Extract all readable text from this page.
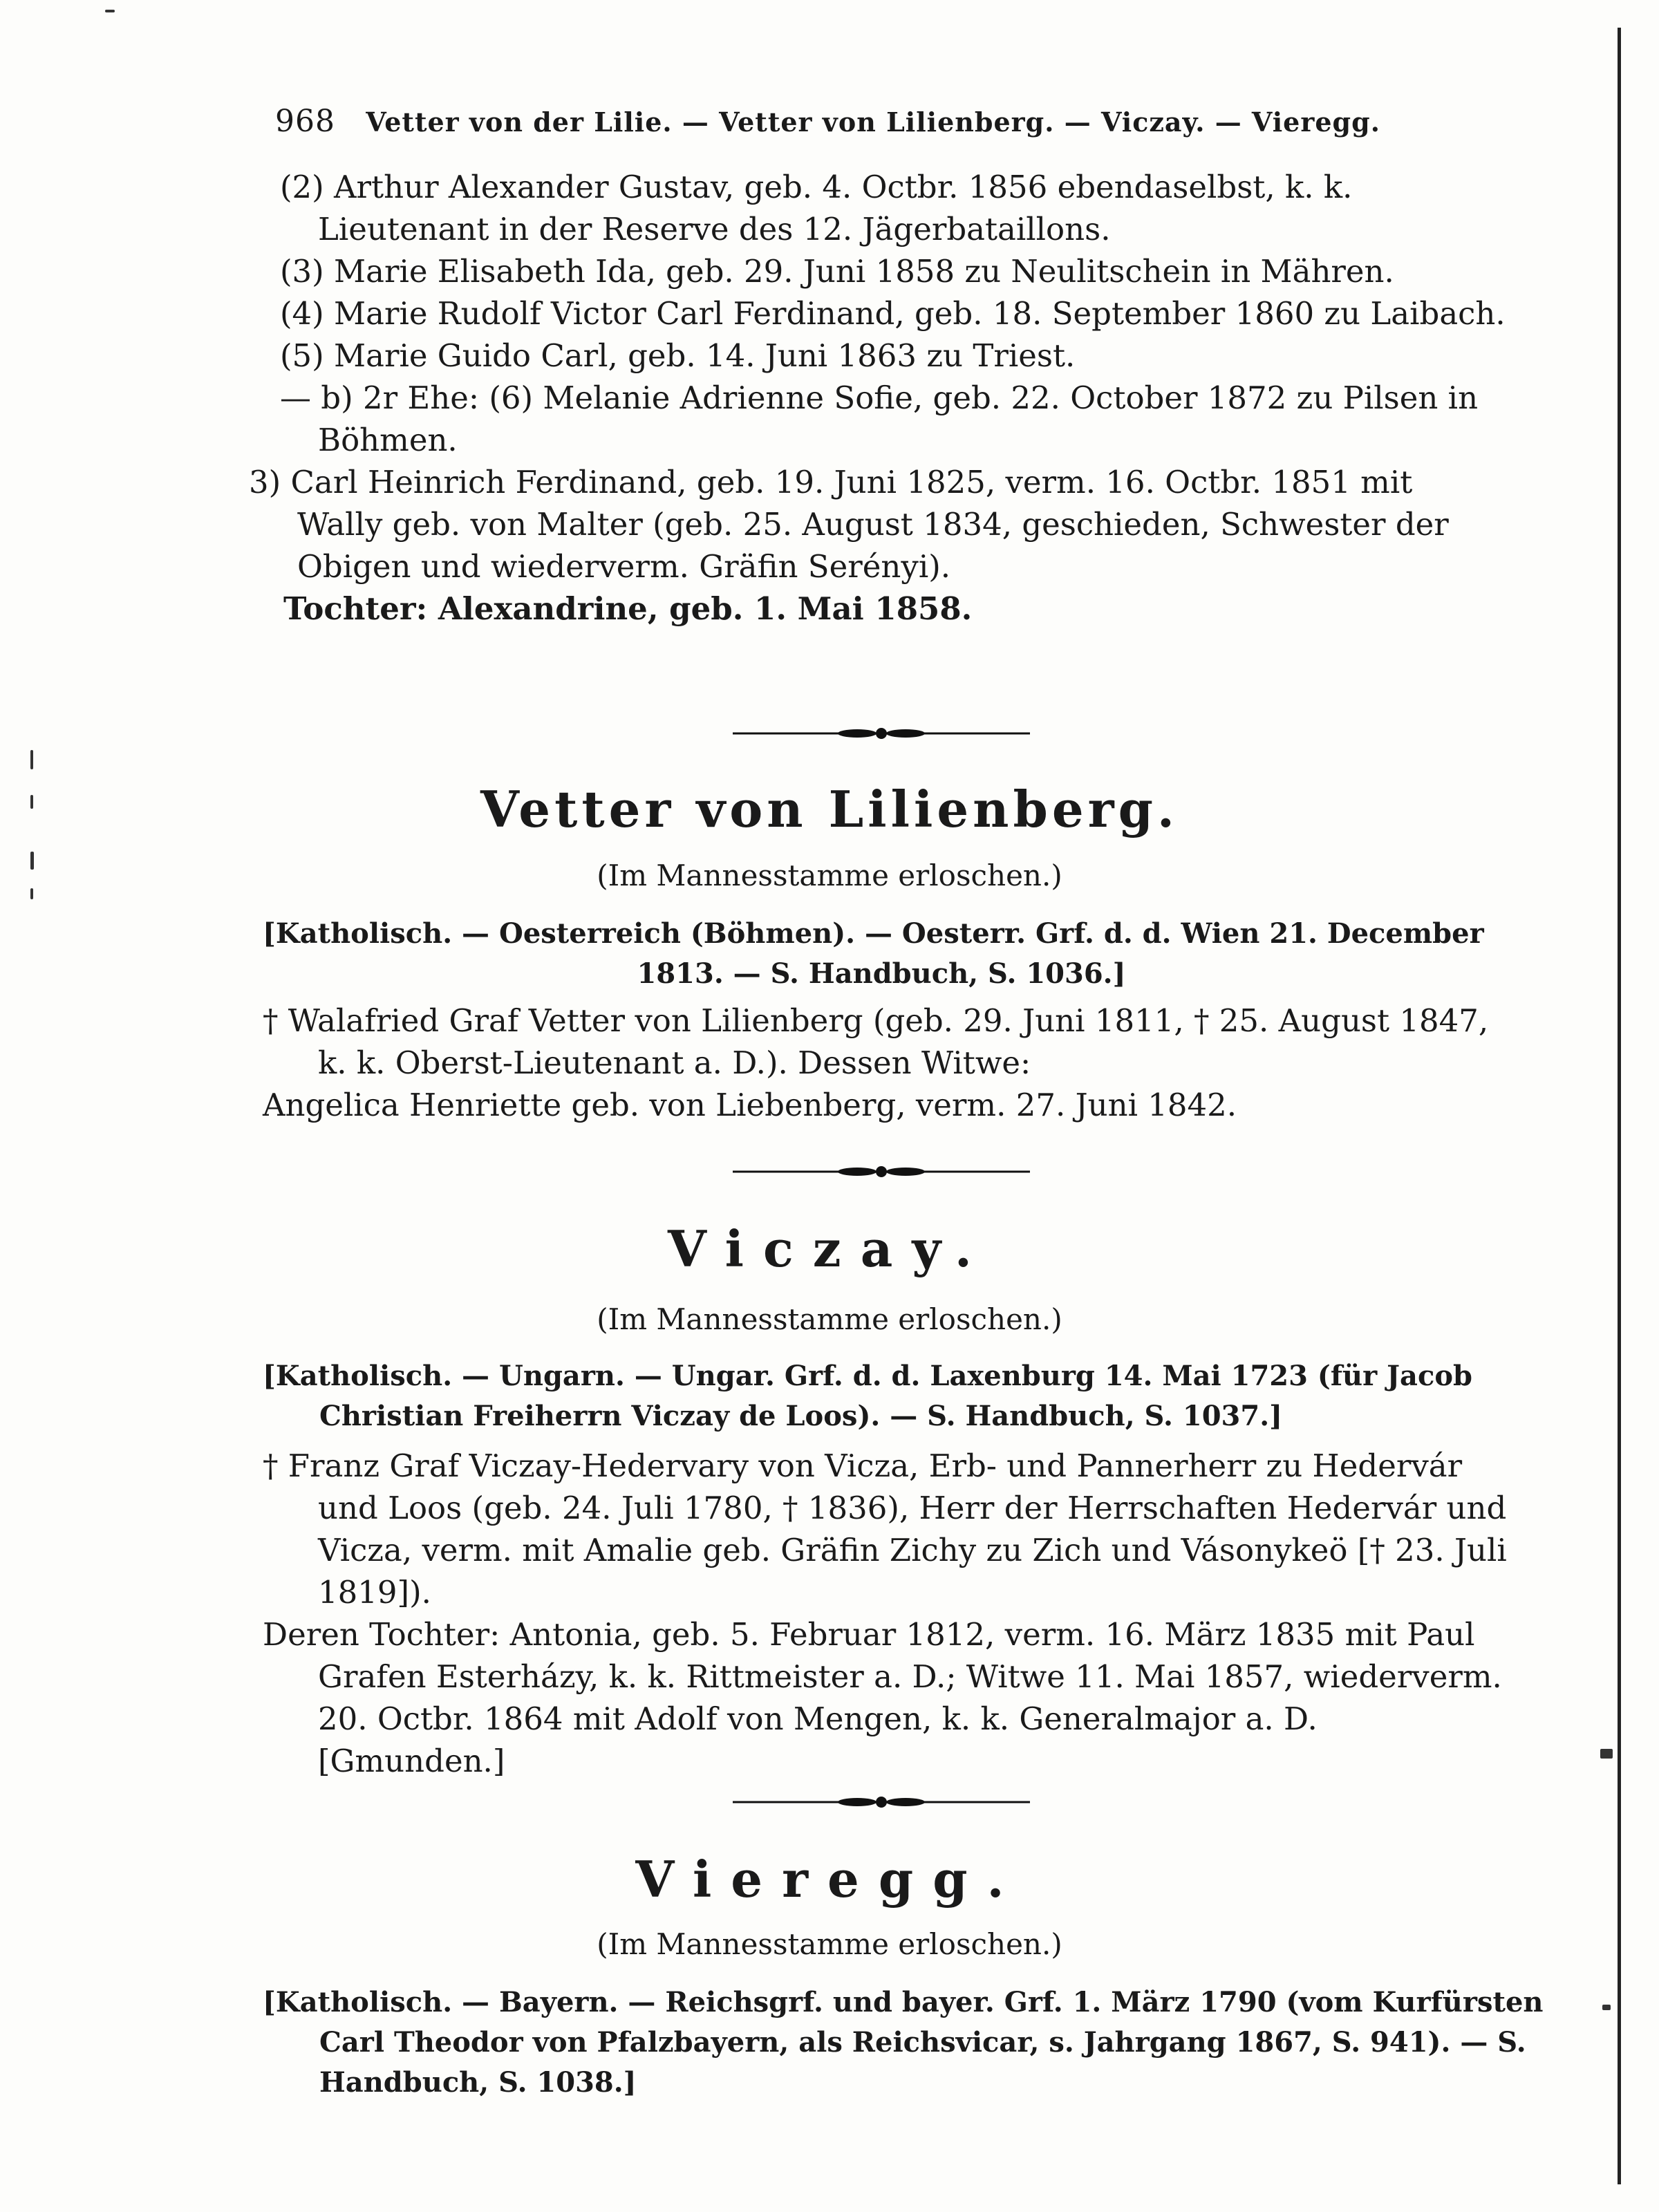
968 Vetter von der Lilie. — Vetter von Lilienberg. — Viczay. — Vieregg.

(2) Arthur Alexander Gustav, geb. 4. Octbr. 1856 ebendaselbst, k. k. Lieutenant in der Reserve des 12. Jägerbataillons.

(3) Marie Elisabeth Ida, geb. 29. Juni 1858 zu Neulitschein in Mähren.

(4) Marie Rudolf Victor Carl Ferdinand, geb. 18. September 1860 zu Laibach.

(5) Marie Guido Carl, geb. 14. Juni 1863 zu Triest.

— b) 2r Ehe: (6) Melanie Adrienne Sofie, geb. 22. October 1872 zu Pilsen in Böhmen.

3) Carl Heinrich Ferdinand, geb. 19. Juni 1825, verm. 16. Octbr. 1851 mit Wally geb. von Malter (geb. 25. August 1834, geschieden, Schwester der Obigen und wiederverm. Gräfin Serényi).

Tochter: Alexandrine, geb. 1. Mai 1858.

Vetter von Lilienberg.
(Im Mannesstamme erloschen.)
[Katholisch. — Oesterreich (Böhmen). — Oesterr. Grf. d. d. Wien 21. December
1813. — S. Handbuch, S. 1036.]

† Walafried Graf Vetter von Lilienberg (geb. 29. Juni 1811, † 25. August 1847, k. k. Oberst-Lieutenant a. D.). Dessen Witwe:

Angelica Henriette geb. von Liebenberg, verm. 27. Juni 1842.

Viczay.
(Im Mannesstamme erloschen.)
[Katholisch. — Ungarn. — Ungar. Grf. d. d. Laxenburg 14. Mai 1723 (für Jacob Christian Freiherrn Viczay de Loos). — S. Handbuch, S. 1037.]

† Franz Graf Viczay-Hedervary von Vicza, Erb- und Pannerherr zu Hedervár und Loos (geb. 24. Juli 1780, † 1836), Herr der Herrschaften Hedervár und Vicza, verm. mit Amalie geb. Gräfin Zichy zu Zich und Vásonykeö [† 23. Juli 1819]).

Deren Tochter: Antonia, geb. 5. Februar 1812, verm. 16. März 1835 mit Paul Grafen Esterházy, k. k. Rittmeister a. D.; Witwe 11. Mai 1857, wiederverm. 20. Octbr. 1864 mit Adolf von Mengen, k. k. Generalmajor a. D. [Gmunden.]

Vieregg.
(Im Mannesstamme erloschen.)
[Katholisch. — Bayern. — Reichsgrf. und bayer. Grf. 1. März 1790 (vom Kurfürsten Carl Theodor von Pfalzbayern, als Reichsvicar, s. Jahrgang 1867, S. 941). — S. Handbuch, S. 1038.]
